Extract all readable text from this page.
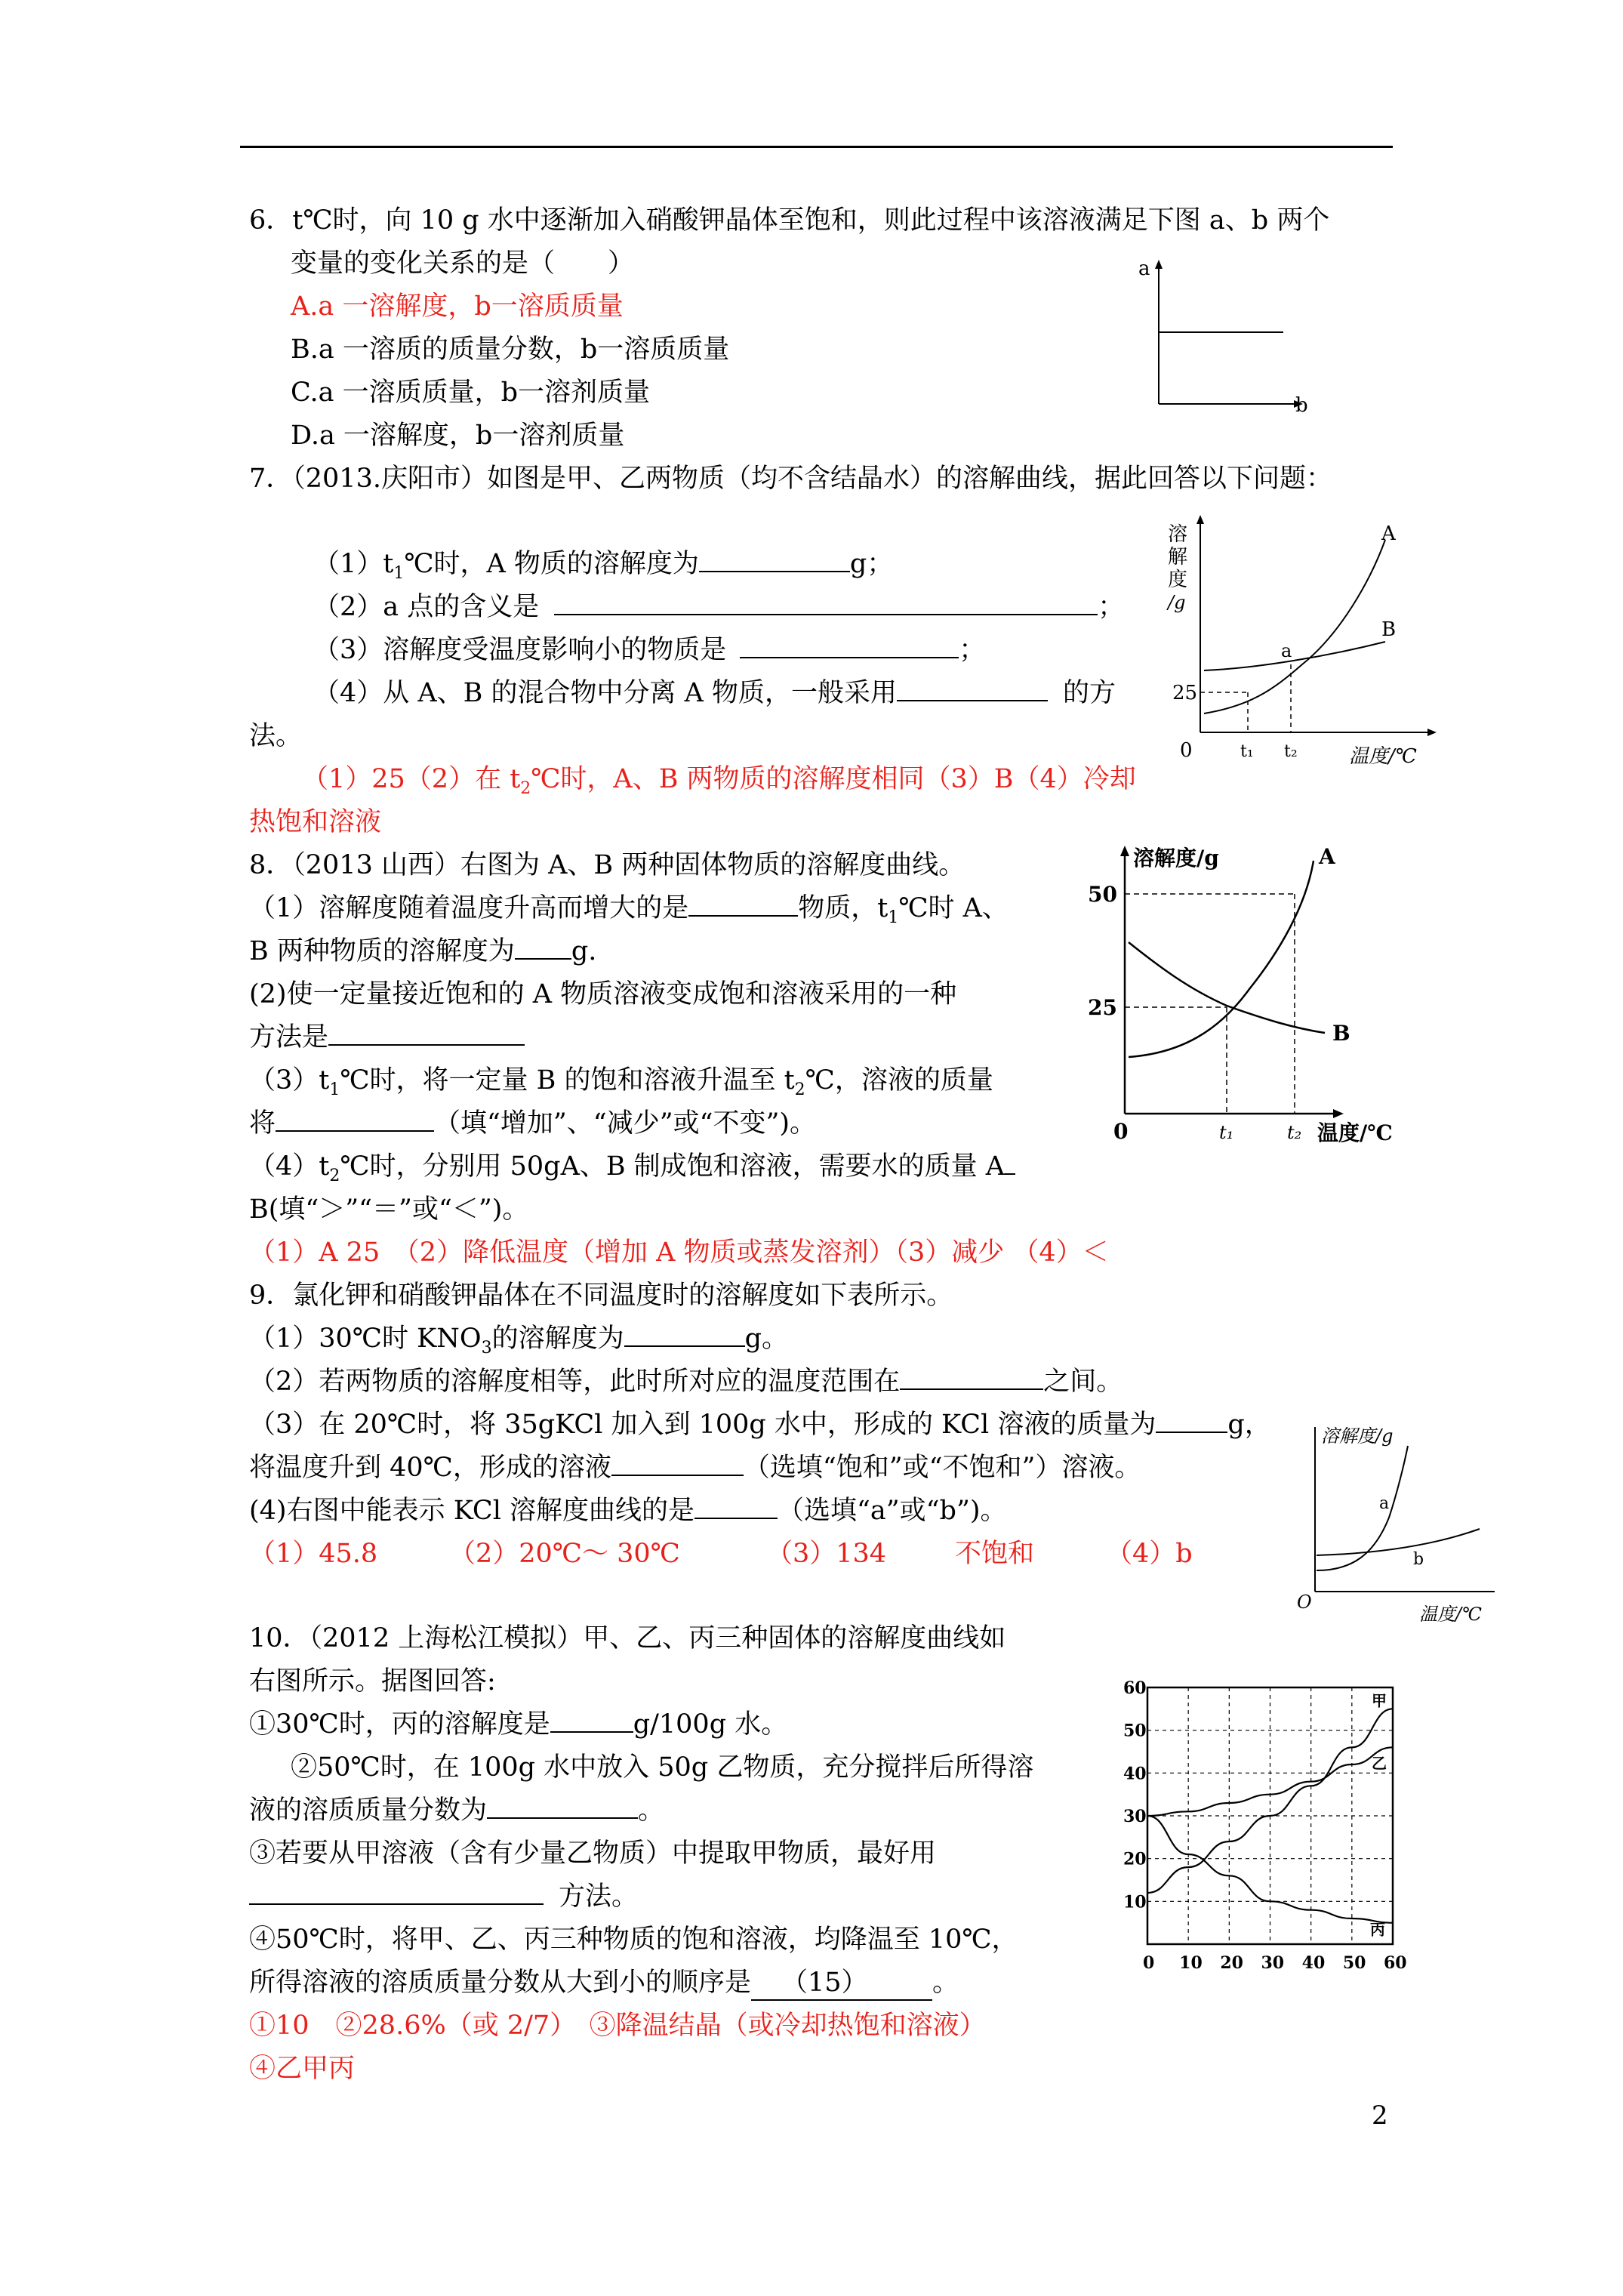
6．t℃时，向 10 g 水中逐渐加入硝酸钾晶体至饱和，则此过程中该溶液满足下图 a、b 两个
变量的变化关系的是（　　）
A.a 一溶解度，b一溶质质量
B.a 一溶质的质量分数，b一溶质质量
C.a 一溶质质量，b一溶剂质量
D.a 一溶解度，b一溶剂质量
a
b
7．（2013.庆阳市）如图是甲、乙两物质（均不含结晶水）的溶解曲线，据此回答以下问题：
$(1)t_1℃$时，A 物质的溶解度为	g；
（2）a 点的含义是	；
（3）溶解度受温度影响小的物质是	；
（4）从 A、B 的混合物中分离 A 物质，一般采用	的方
法。
（1）25（2）在 $t_2℃$时，A、B 两物质的溶解度相同（3）B（4）冷却
热饱和溶液
溶
解
度
/g
A
B
a
25
0	t₁ t₂	温度/℃
8．（2013 山西）右图为 A、B 两种固体物质的溶解度曲线。
（1）溶解度随着温度升高而增大的是	物质，$t_1℃$时 A、
B 两种物质的溶解度为 g.
(2)使一定量接近饱和的 A 物质溶液变成饱和溶液采用的一种
方法是
$(3)t_1℃$时，将一定量 B 的饱和溶液升温至 $t_2℃$，溶液的质量
将	（填“增加”、“减少”或“不变”)。
$(4)t_2℃$时，分别用 50gA、B 制成饱和溶液，需要水的质量 A
B(填“＞”“＝”或“＜”)。
（1）A 25　（2）降低温度（增加 A 物质或蒸发溶剂）（3）减少 （4）＜
溶解度/g	A
B
50
25
0	t₁	t₂ 温度/℃
9．氯化钾和硝酸钾晶体在不同温度时的溶解度如下表所示。
（1）30℃时 $KNO_3$的溶解度为	g。
（2）若两物质的溶解度相等，此时所对应的温度范围在	之间。
（3）在 20℃时，将 35gKCl 加入到 100g 水中，形成的 KCl 溶液的质量为	g，
将温度升到 40℃，形成的溶液	（选填“饱和”或“不饱和”）溶液。
(4)右图中能表示 KCl 溶解度曲线的是	（选填“a”或“b”)。
（1）45.8	（2）20℃～ 30℃	（3）134	不饱和	（4）b
溶解度/g
a
b
O
温度/℃
10．（2012 上海松江模拟）甲、乙、丙三种固体的溶解度曲线如
右图所示。据图回答:
①30℃时，丙的溶解度是	g/100g 水。
②50℃时，在 100g 水中放入 50g 乙物质，充分搅拌后所得溶
液的溶质质量分数为	。
③若要从甲溶液（含有少量乙物质）中提取甲物质，最好用
方法。
④50℃时，将甲、乙、丙三种物质的饱和溶液，均降温至 10℃，
所得溶液的溶质质量分数从大到小的顺序是 （15） 。
①10　②28.6%（或 2/7）　③降温结晶（或冷却热饱和溶液）
④乙甲丙
甲
乙
丙
0 10 20 30 40 50 60
10
20
30
40
50
60
2
